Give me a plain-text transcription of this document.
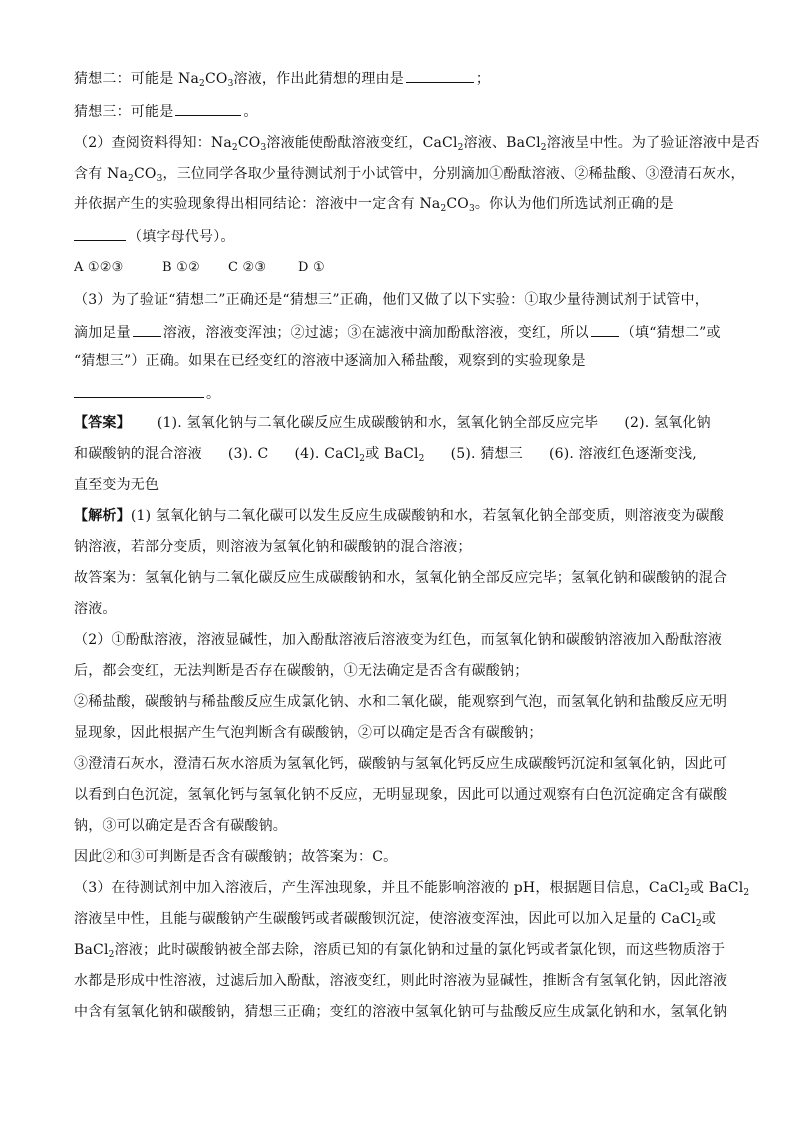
猜想二：可能是 $Na_2CO_3$溶液，作出此猜想的理由是	；
猜想三：可能是	。
（2）查阅资料得知：$Na_2CO_3$溶液能使酚酞溶液变红，CaCl$_2$溶液、BaCl$_2$溶液呈中性。为了验证溶液中是否
含有 $Na_2CO_3$，三位同学各取少量待测试剂于小试管中，分别滴加①酚酞溶液、②稀盐酸、③澄清石灰水，
并依据产生的实验现象得出相同结论：溶液中一定含有 $Na_2CO_3$。你认为他们所选试剂正确的是
（填字母代号）。
A ①②③	B ①② C ②③ D ①
（3）为了验证“猜想二”正确还是“猜想三”正确，他们又做了以下实验：①取少量待测试剂于试管中，
滴加足量 溶液，溶液变浑浊；②过滤；③在滤液中滴加酚酞溶液，变红，所以 （填“猜想二”或
“猜想三”）正确。如果在已经变红的溶液中逐滴加入稀盐酸，观察到的实验现象是
。
【答案】 (1). 氢氧化钠与二氧化碳反应生成碳酸钠和水，氢氧化钠全部反应完毕 (2). 氢氧化钠
和碳酸钠的混合溶液 (3). C (4). CaCl$_2$或 BaCl$_2$ (5). 猜想三 (6). 溶液红色逐渐变浅,
直至变为无色
【解析】(1) 氢氧化钠与二氧化碳可以发生反应生成碳酸钠和水，若氢氧化钠全部变质，则溶液变为碳酸
钠溶液，若部分变质，则溶液为氢氧化钠和碳酸钠的混合溶液；
故答案为：氢氧化钠与二氧化碳反应生成碳酸钠和水，氢氧化钠全部反应完毕；氢氧化钠和碳酸钠的混合
溶液。
（2）①酚酞溶液，溶液显碱性，加入酚酞溶液后溶液变为红色，而氢氧化钠和碳酸钠溶液加入酚酞溶液
后，都会变红，无法判断是否存在碳酸钠，①无法确定是否含有碳酸钠；
②稀盐酸，碳酸钠与稀盐酸反应生成氯化钠、水和二氧化碳，能观察到气泡，而氢氧化钠和盐酸反应无明
显现象，因此根据产生气泡判断含有碳酸钠，②可以确定是否含有碳酸钠；
③澄清石灰水，澄清石灰水溶质为氢氧化钙，碳酸钠与氢氧化钙反应生成碳酸钙沉淀和氢氧化钠，因此可
以看到白色沉淀，氢氧化钙与氢氧化钠不反应，无明显现象，因此可以通过观察有白色沉淀确定含有碳酸
钠，③可以确定是否含有碳酸钠。
因此②和③可判断是否含有碳酸钠；故答案为：C。
（3）在待测试剂中加入溶液后，产生浑浊现象，并且不能影响溶液的 pH，根据题目信息，CaCl$_2$或 BaCl$_2$
溶液呈中性，且能与碳酸钠产生碳酸钙或者碳酸钡沉淀，使溶液变浑浊，因此可以加入足量的 CaCl$_2$或
BaCl$_2$溶液；此时碳酸钠被全部去除，溶质已知的有氯化钠和过量的氯化钙或者氯化钡，而这些物质溶于
水都是形成中性溶液，过滤后加入酚酞，溶液变红，则此时溶液为显碱性，推断含有氢氧化钠，因此溶液
中含有氢氧化钠和碳酸钠，猜想三正确；变红的溶液中氢氧化钠可与盐酸反应生成氯化钠和水，氢氧化钠
